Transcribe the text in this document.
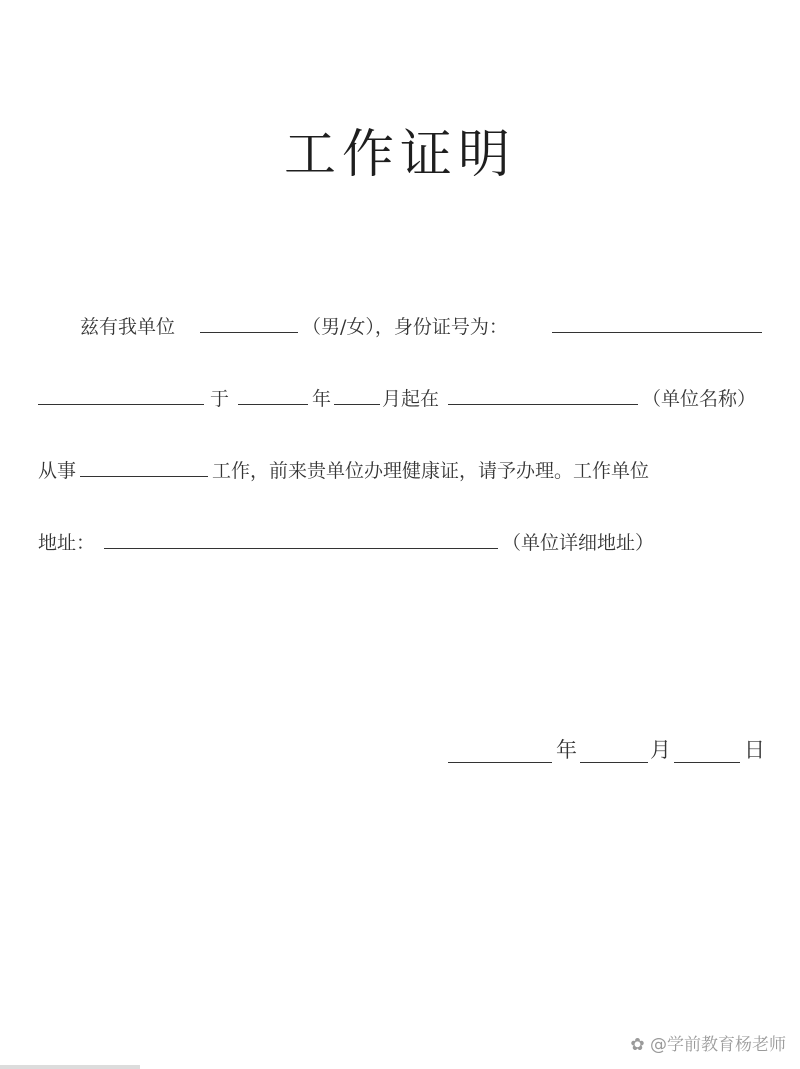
工作证明
兹有我单位	（男/女），身份证号为：
于	年	月起在	（单位名称）
从事	工作，前来贵单位办理健康证，请予办理。工作单位
地址：	（单位详细地址）
年	月	日
✿ @学前教育杨老师
